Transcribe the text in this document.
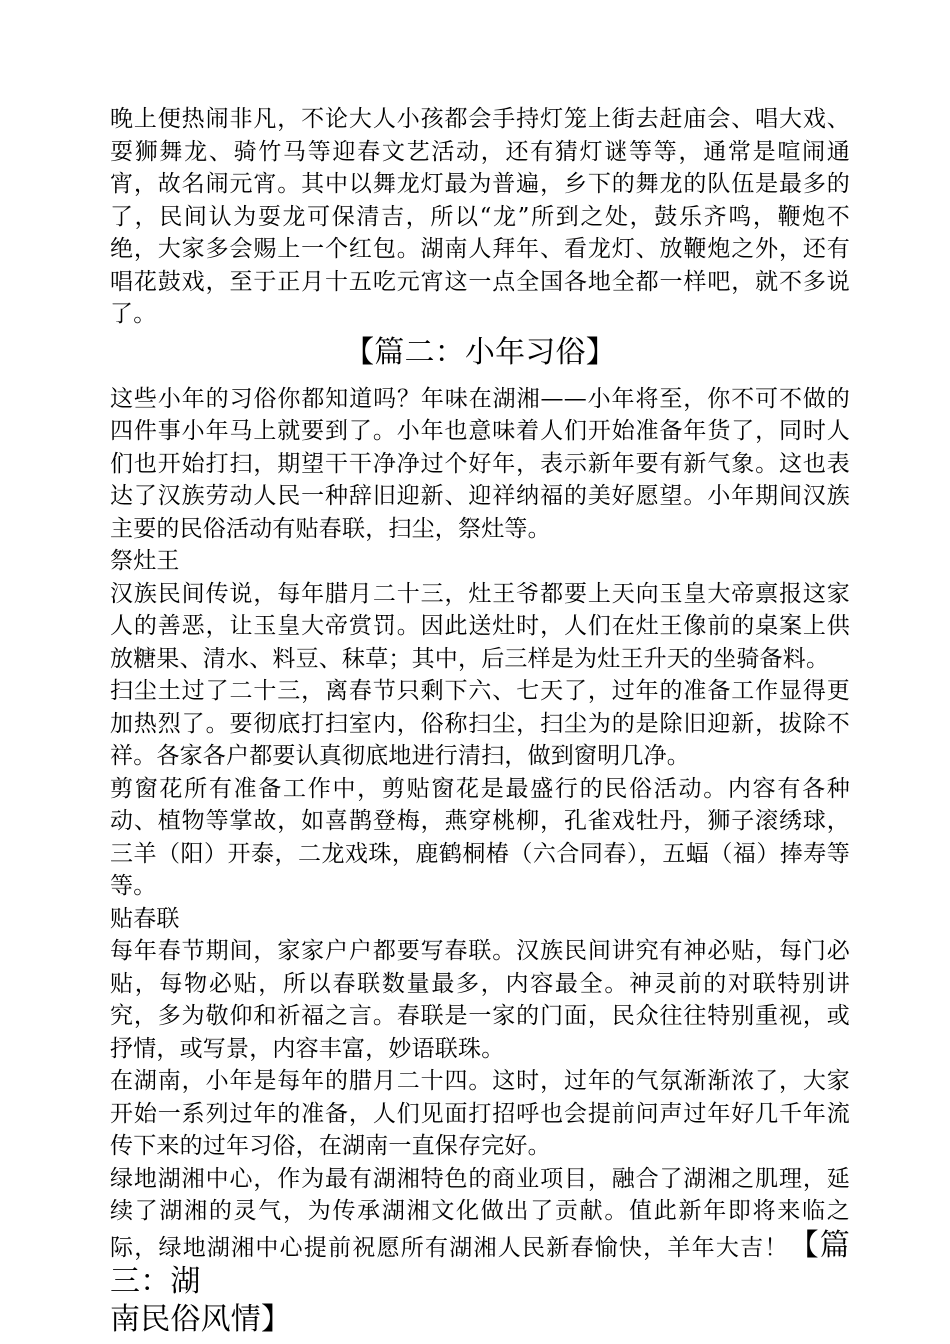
晚上便热闹非凡，不论大人小孩都会手持灯笼上街去赶庙会、唱大戏、耍狮舞龙、骑竹马等迎春文艺活动，还有猜灯谜等等，通常是喧闹通宵，故名闹元宵。其中以舞龙灯最为普遍，乡下的舞龙的队伍是最多的了，民间认为耍龙可保清吉，所以“龙”所到之处，鼓乐齐鸣，鞭炮不绝，大家多会赐上一个红包。湖南人拜年、看龙灯、放鞭炮之外，还有唱花鼓戏，至于正月十五吃元宵这一点全国各地全都一样吧，就不多说了。

【篇二：小年习俗】

这些小年的习俗你都知道吗？年味在湖湘——小年将至，你不可不做的四件事小年马上就要到了。小年也意味着人们开始准备年货了，同时人们也开始打扫，期望干干净净过个好年，表示新年要有新气象。这也表达了汉族劳动人民一种辞旧迎新、迎祥纳福的美好愿望。小年期间汉族主要的民俗活动有贴春联，扫尘，祭灶等。

祭灶王

汉族民间传说，每年腊月二十三，灶王爷都要上天向玉皇大帝禀报这家人的善恶，让玉皇大帝赏罚。因此送灶时，人们在灶王像前的桌案上供放糖果、清水、料豆、秣草；其中，后三样是为灶王升天的坐骑备料。

扫尘土过了二十三，离春节只剩下六、七天了，过年的准备工作显得更加热烈了。要彻底打扫室内，俗称扫尘，扫尘为的是除旧迎新，拔除不祥。各家各户都要认真彻底地进行清扫，做到窗明几净。

剪窗花所有准备工作中，剪贴窗花是最盛行的民俗活动。内容有各种动、植物等掌故，如喜鹊登梅，燕穿桃柳，孔雀戏牡丹，狮子滚绣球，三羊（阳）开泰，二龙戏珠，鹿鹤桐椿（六合同春），五蝠（福）捧寿等等。

贴春联

每年春节期间，家家户户都要写春联。汉族民间讲究有神必贴，每门必贴，每物必贴，所以春联数量最多，内容最全。神灵前的对联特别讲究，多为敬仰和祈福之言。春联是一家的门面，民众往往特别重视，或抒情，或写景，内容丰富，妙语联珠。

在湖南，小年是每年的腊月二十四。这时，过年的气氛渐渐浓了，大家开始一系列过年的准备，人们见面打招呼也会提前问声过年好几千年流传下来的过年习俗，在湖南一直保存完好。

绿地湖湘中心，作为最有湖湘特色的商业项目，融合了湖湘之肌理，延续了湖湘的灵气，为传承湖湘文化做出了贡献。值此新年即将来临之际，绿地湖湘中心提前祝愿所有湖湘人民新春愉快，羊年大吉！【篇三：湖

南民俗风情】
